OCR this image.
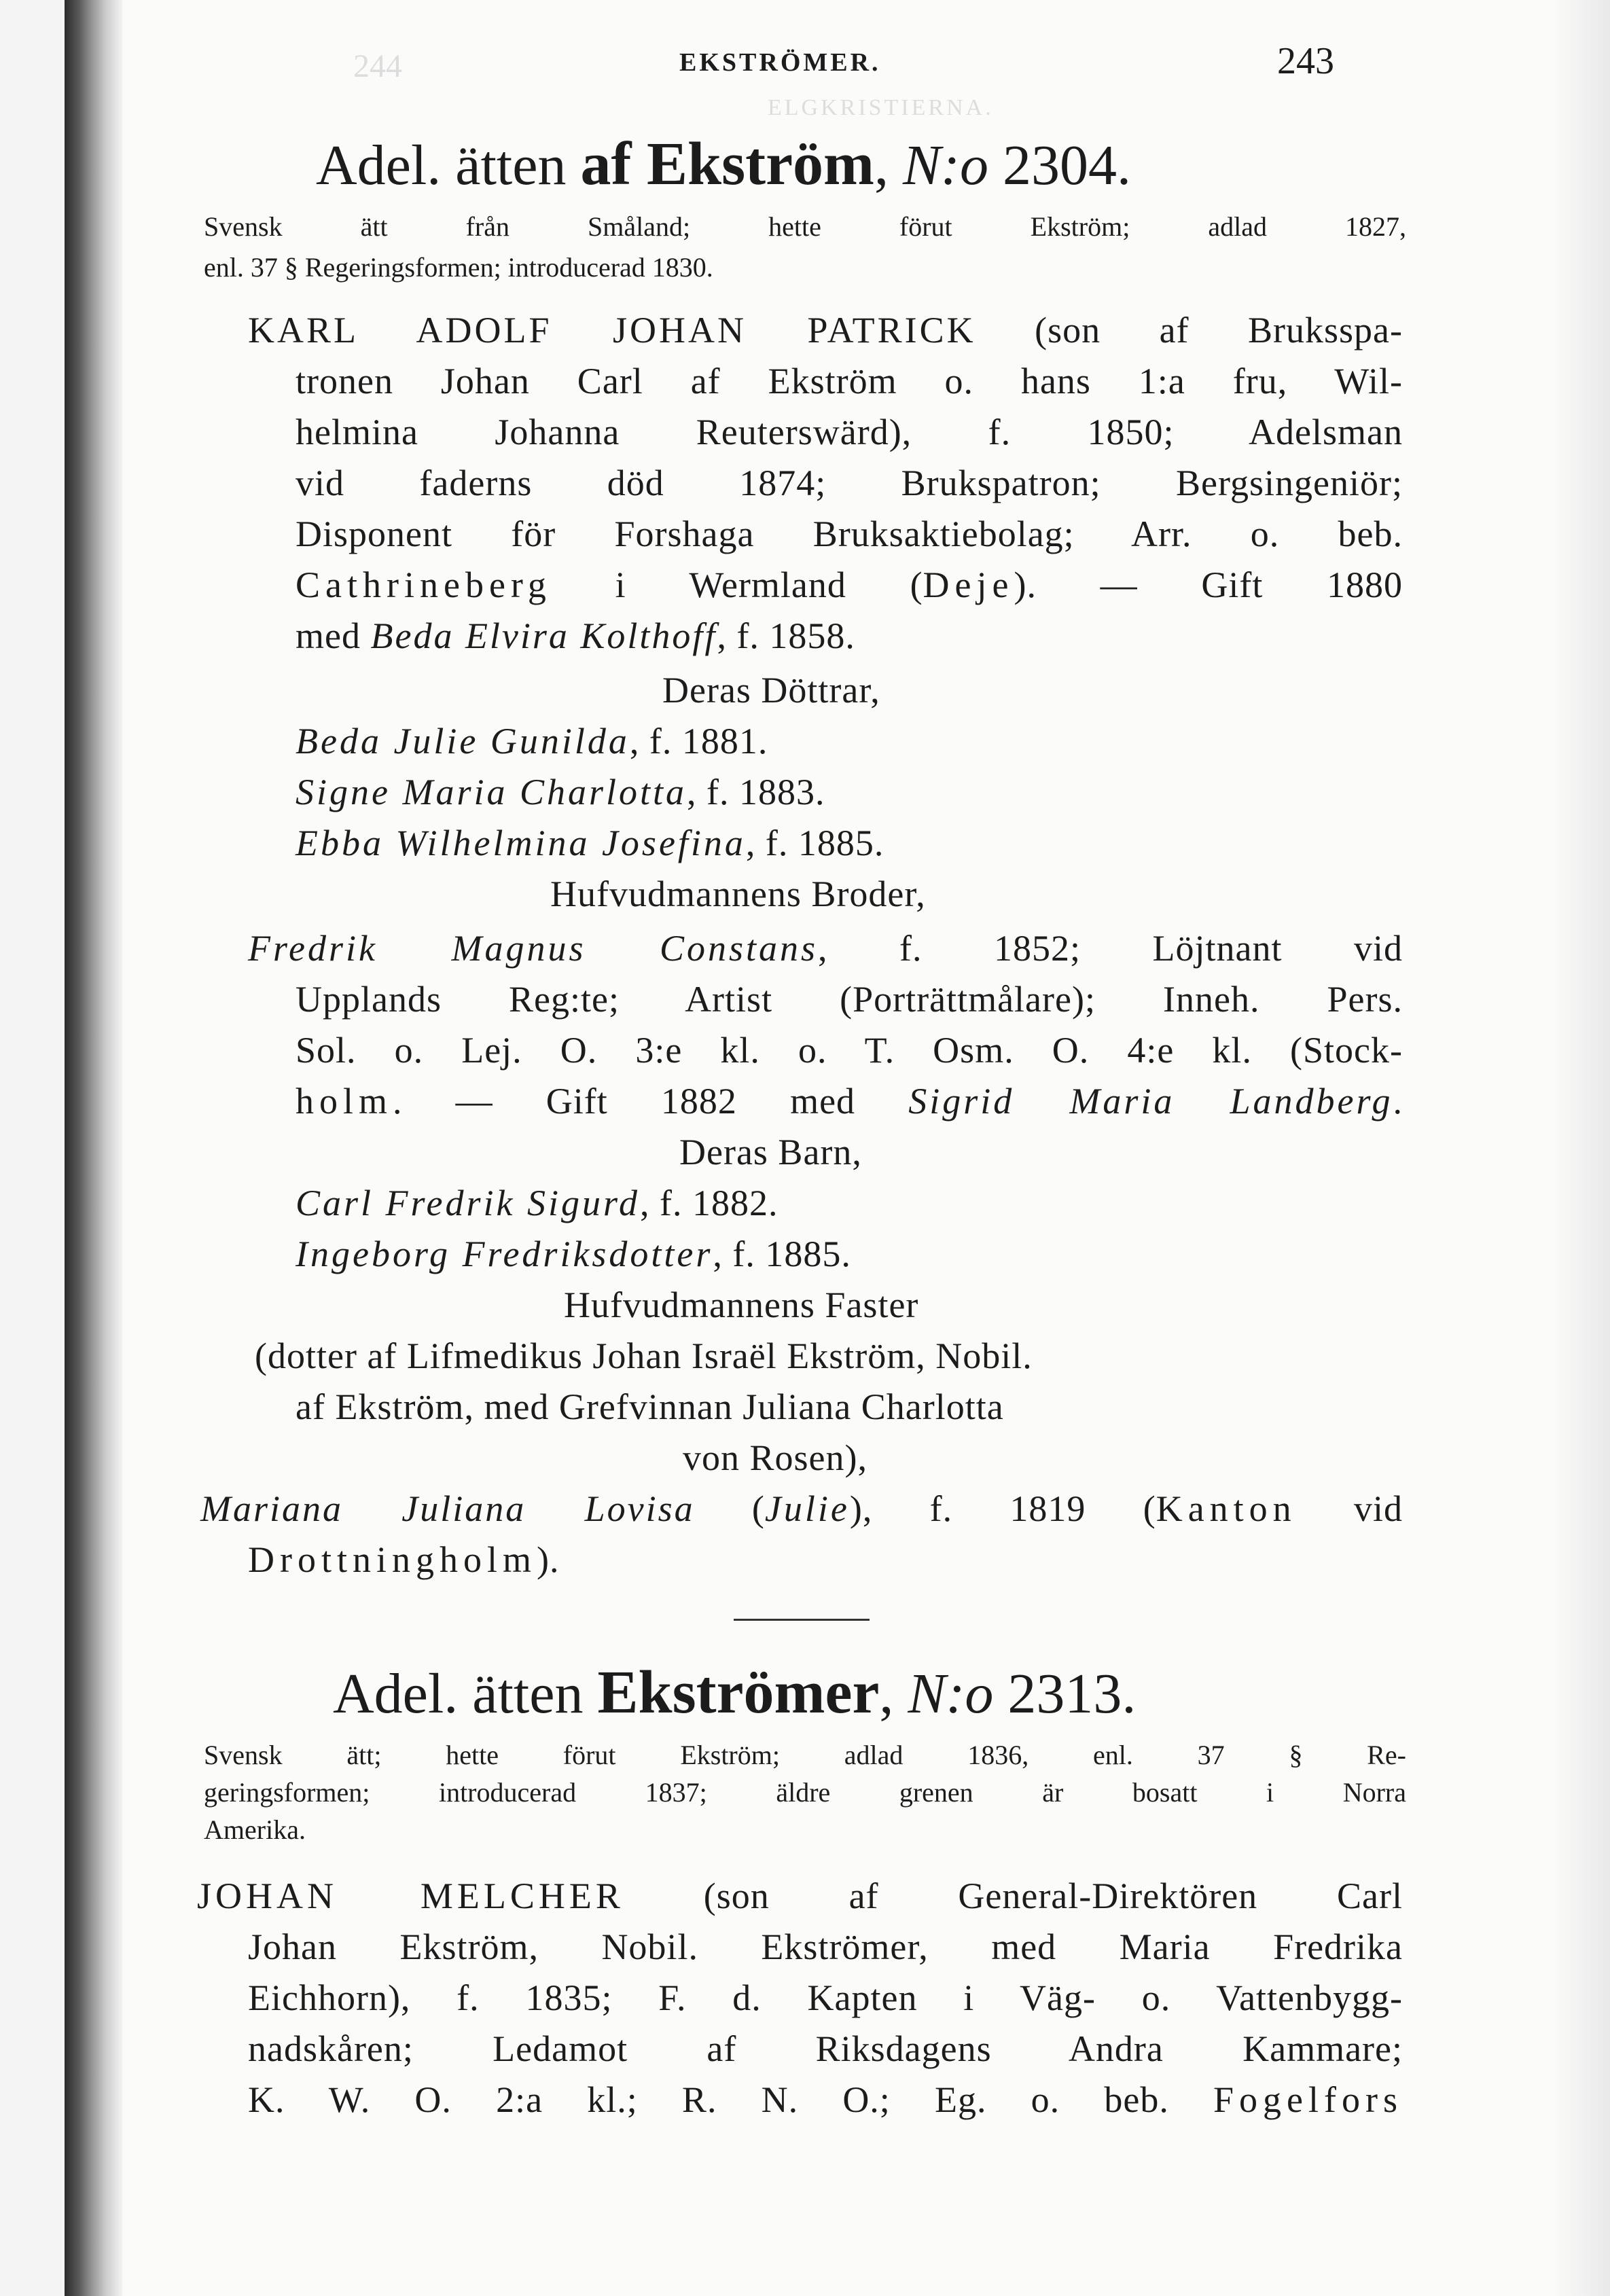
244
ELGKRISTIERNA.
EKSTRÖMER.	243
Adel. ätten af Ekström, N:o 2304.
Svensk ätt från Småland; hette förut Ekström; adlad 1827,
enl. 37 § Regeringsformen; introducerad 1830.
KARL ADOLF JOHAN PATRICK (son af Bruksspa-
tronen Johan Carl af Ekström o. hans 1:a fru, Wil-
helmina Johanna Reuterswärd), f. 1850; Adelsman
vid faderns död 1874; Brukspatron; Bergsingeniör;
Disponent för Forshaga Bruksaktiebolag; Arr. o. beb.
Cathrineberg i Wermland (Deje). — Gift 1880
med Beda Elvira Kolthoff, f. 1858.
Deras Döttrar,
Beda Julie Gunilda, f. 1881.
Signe Maria Charlotta, f. 1883.
Ebba Wilhelmina Josefina, f. 1885.
Hufvudmannens Broder,
Fredrik Magnus Constans, f. 1852; Löjtnant vid
Upplands Reg:te; Artist (Porträttmålare); Inneh. Pers.
Sol. o. Lej. O. 3:e kl. o. T. Osm. O. 4:e kl. (Stock-
holm. — Gift 1882 med Sigrid Maria Landberg.
Deras Barn,
Carl Fredrik Sigurd, f. 1882.
Ingeborg Fredriksdotter, f. 1885.
Hufvudmannens Faster
(dotter af Lifmedikus Johan Israël Ekström, Nobil.
af Ekström, med Grefvinnan Juliana Charlotta
von Rosen),
Mariana Juliana Lovisa (Julie), f. 1819 (Kanton vid
Drottningholm).
Adel. ätten Ekströmer, N:o 2313.
Svensk ätt; hette förut Ekström; adlad 1836, enl. 37 § Re-
geringsformen; introducerad 1837; äldre grenen är bosatt i Norra
Amerika.
JOHAN MELCHER (son af General-Direktören Carl
Johan Ekström, Nobil. Ekströmer, med Maria Fredrika
Eichhorn), f. 1835; F. d. Kapten i Väg- o. Vattenbygg-
nadskåren; Ledamot af Riksdagens Andra Kammare;
K. W. O. 2:a kl.; R. N. O.; Eg. o. beb. Fogelfors
